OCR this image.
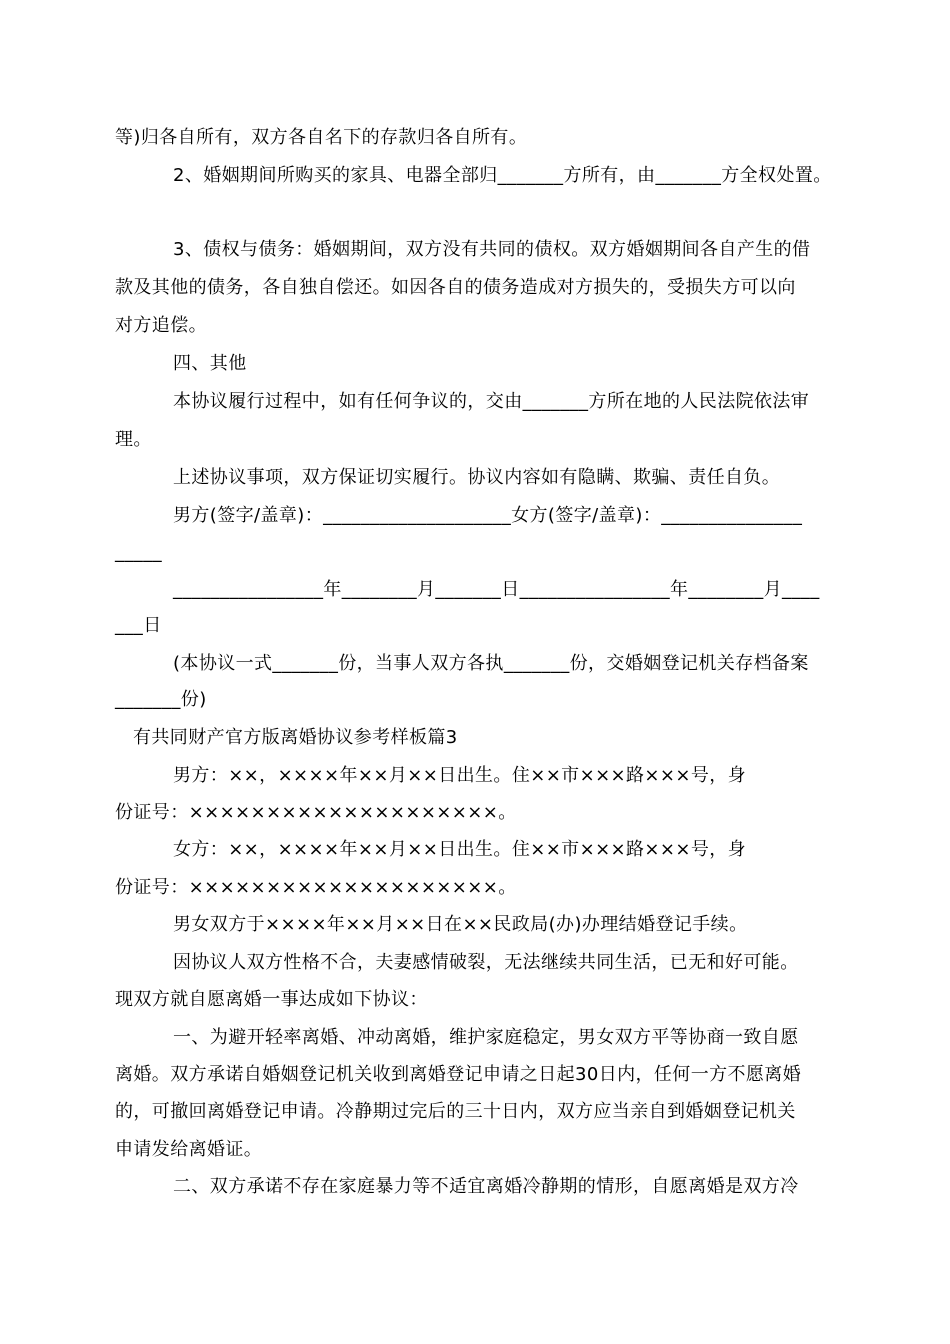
等)归各自所有，双方各自名下的存款归各自所有。
2、婚姻期间所购买的家具、电器全部归_______方所有，由_______方全权处置。
3、债权与债务：婚姻期间，双方没有共同的债权。双方婚姻期间各自产生的借
款及其他的债务，各自独自偿还。如因各自的债务造成对方损失的，受损失方可以向
对方追偿。
四、其他
本协议履行过程中，如有任何争议的，交由_______方所在地的人民法院依法审
理。
上述协议事项，双方保证切实履行。协议内容如有隐瞒、欺骗、责任自负。
男方(签字/盖章)：____________________女方(签字/盖章)：_______________
_____
________________年________月_______日________________年________月____
___日
(本协议一式_______份，当事人双方各执_______份，交婚姻登记机关存档备案
_______份)
有共同财产官方版离婚协议参考样板篇3
男方：××，××××年××月××日出生。住××市×××路×××号，身
份证号：××××××××××××××××××××。
女方：××，××××年××月××日出生。住××市×××路×××号，身
份证号：××××××××××××××××××××。
男女双方于××××年××月××日在××民政局(办)办理结婚登记手续。
因协议人双方性格不合，夫妻感情破裂，无法继续共同生活，已无和好可能。
现双方就自愿离婚一事达成如下协议：
一、为避开轻率离婚、冲动离婚，维护家庭稳定，男女双方平等协商一致自愿
离婚。双方承诺自婚姻登记机关收到离婚登记申请之日起30日内，任何一方不愿离婚
的，可撤回离婚登记申请。冷静期过完后的三十日内，双方应当亲自到婚姻登记机关
申请发给离婚证。
二、双方承诺不存在家庭暴力等不适宜离婚冷静期的情形，自愿离婚是双方冷
